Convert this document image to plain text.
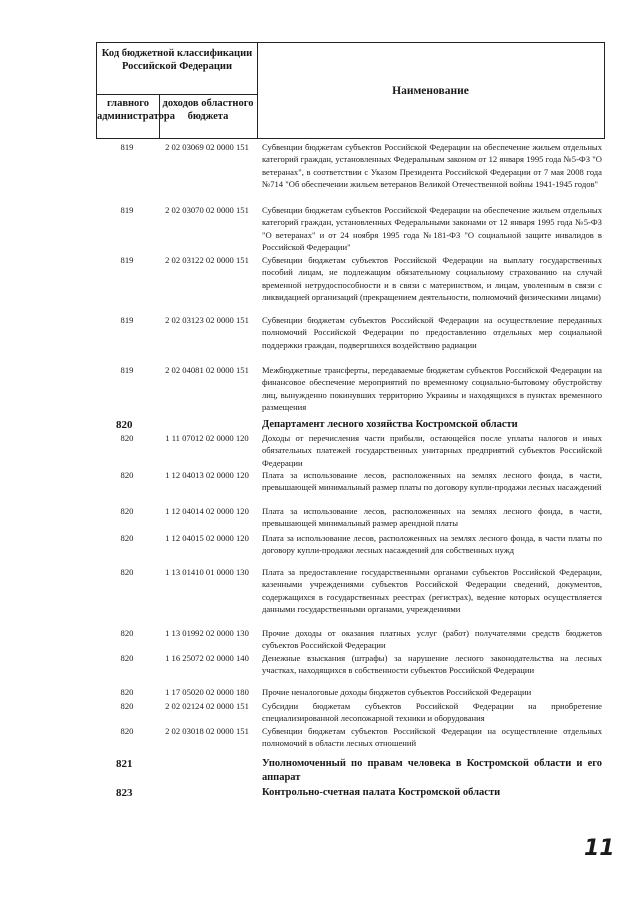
Код бюджетной классификации Российской Федерации
Наименование
главного администратора
доходов областного бюджета
819	2 02 03069 02 0000 151	Субвенции бюджетам субъектов Российской Федерации на обеспечение жильем отдельных категорий граждан, установленных Федеральным законом от 12 января 1995 года №5-ФЗ "О ветеранах", в соответствии с Указом Президента Российской Федерации от 7 мая 2008 года №714 "Об обеспечении жильем ветеранов Великой Отечественной войны 1941-1945 годов"
819	2 02 03070 02 0000 151	Субвенции бюджетам субъектов Российской Федерации на обеспечение жильем отдельных категорий граждан, установленных Федеральными законами от 12 января 1995 года №5-ФЗ "О ветеранах" и от 24 ноября 1995 года №181-ФЗ "О социальной защите инвалидов в Российской Федерации"
819	2 02 03122 02 0000 151	Субвенции бюджетам субъектов Российской Федерации на выплату государственных пособий лицам, не подлежащим обязательному социальному страхованию на случай временной нетрудоспособности и в связи с материнством, и лицам, уволенным в связи с ликвидацией организаций (прекращением деятельности, полномочий физическими лицами)
819	2 02 03123 02 0000 151	Субвенции бюджетам субъектов Российской Федерации на осуществление переданных полномочий Российской Федерации по предоставлению отдельных мер социальной поддержки граждан, подвергшихся воздействию радиации
819	2 02 04081 02 0000 151	Межбюджетные трансферты, передаваемые бюджетам субъектов Российской Федерации на финансовое обеспечение мероприятий по временному социально-бытовому обустройству лиц, вынужденно покинувших территорию Украины и находящихся в пунктах временного размещения
820	Департамент лесного хозяйства Костромской области
820	1 11 07012 02 0000 120	Доходы от перечисления части прибыли, остающейся после уплаты налогов и иных обязательных платежей государственных унитарных предприятий субъектов Российской Федерации
820	1 12 04013 02 0000 120	Плата за использование лесов, расположенных на землях лесного фонда, в части, превышающей минимальный размер платы по договору купли-продажи лесных насаждений
820	1 12 04014 02 0000 120	Плата за использование лесов, расположенных на землях лесного фонда, в части, превышающей минимальный размер арендной платы
820	1 12 04015 02 0000 120	Плата за использование лесов, расположенных на землях лесного фонда, в части платы по договору купли-продажи лесных насаждений для собственных нужд
820	1 13 01410 01 0000 130	Плата за предоставление государственными органами субъектов Российской Федерации, казенными учреждениями субъектов Российской Федерации сведений, документов, содержащихся в государственных реестрах (регистрах), ведение которых осуществляется данными государственными органами, учреждениями
820	1 13 01992 02 0000 130	Прочие доходы от оказания платных услуг (работ) получателями средств бюджетов субъектов Российской Федерации
820	1 16 25072 02 0000 140	Денежные взыскания (штрафы) за нарушение лесного законодательства на лесных участках, находящихся в собственности субъектов Российской Федерации
820	1 17 05020 02 0000 180	Прочие неналоговые доходы бюджетов субъектов Российской Федерации
820	2 02 02124 02 0000 151	Субсидии бюджетам субъектов Российской Федерации на приобретение специализированной лесопожарной техники и оборудования
820	2 02 03018 02 0000 151	Субвенции бюджетам субъектов Российской Федерации на осуществление отдельных полномочий в области лесных отношений
821	Уполномоченный по правам человека в Костромской области и его аппарат
823	Контрольно-счетная палата Костромской области
11
